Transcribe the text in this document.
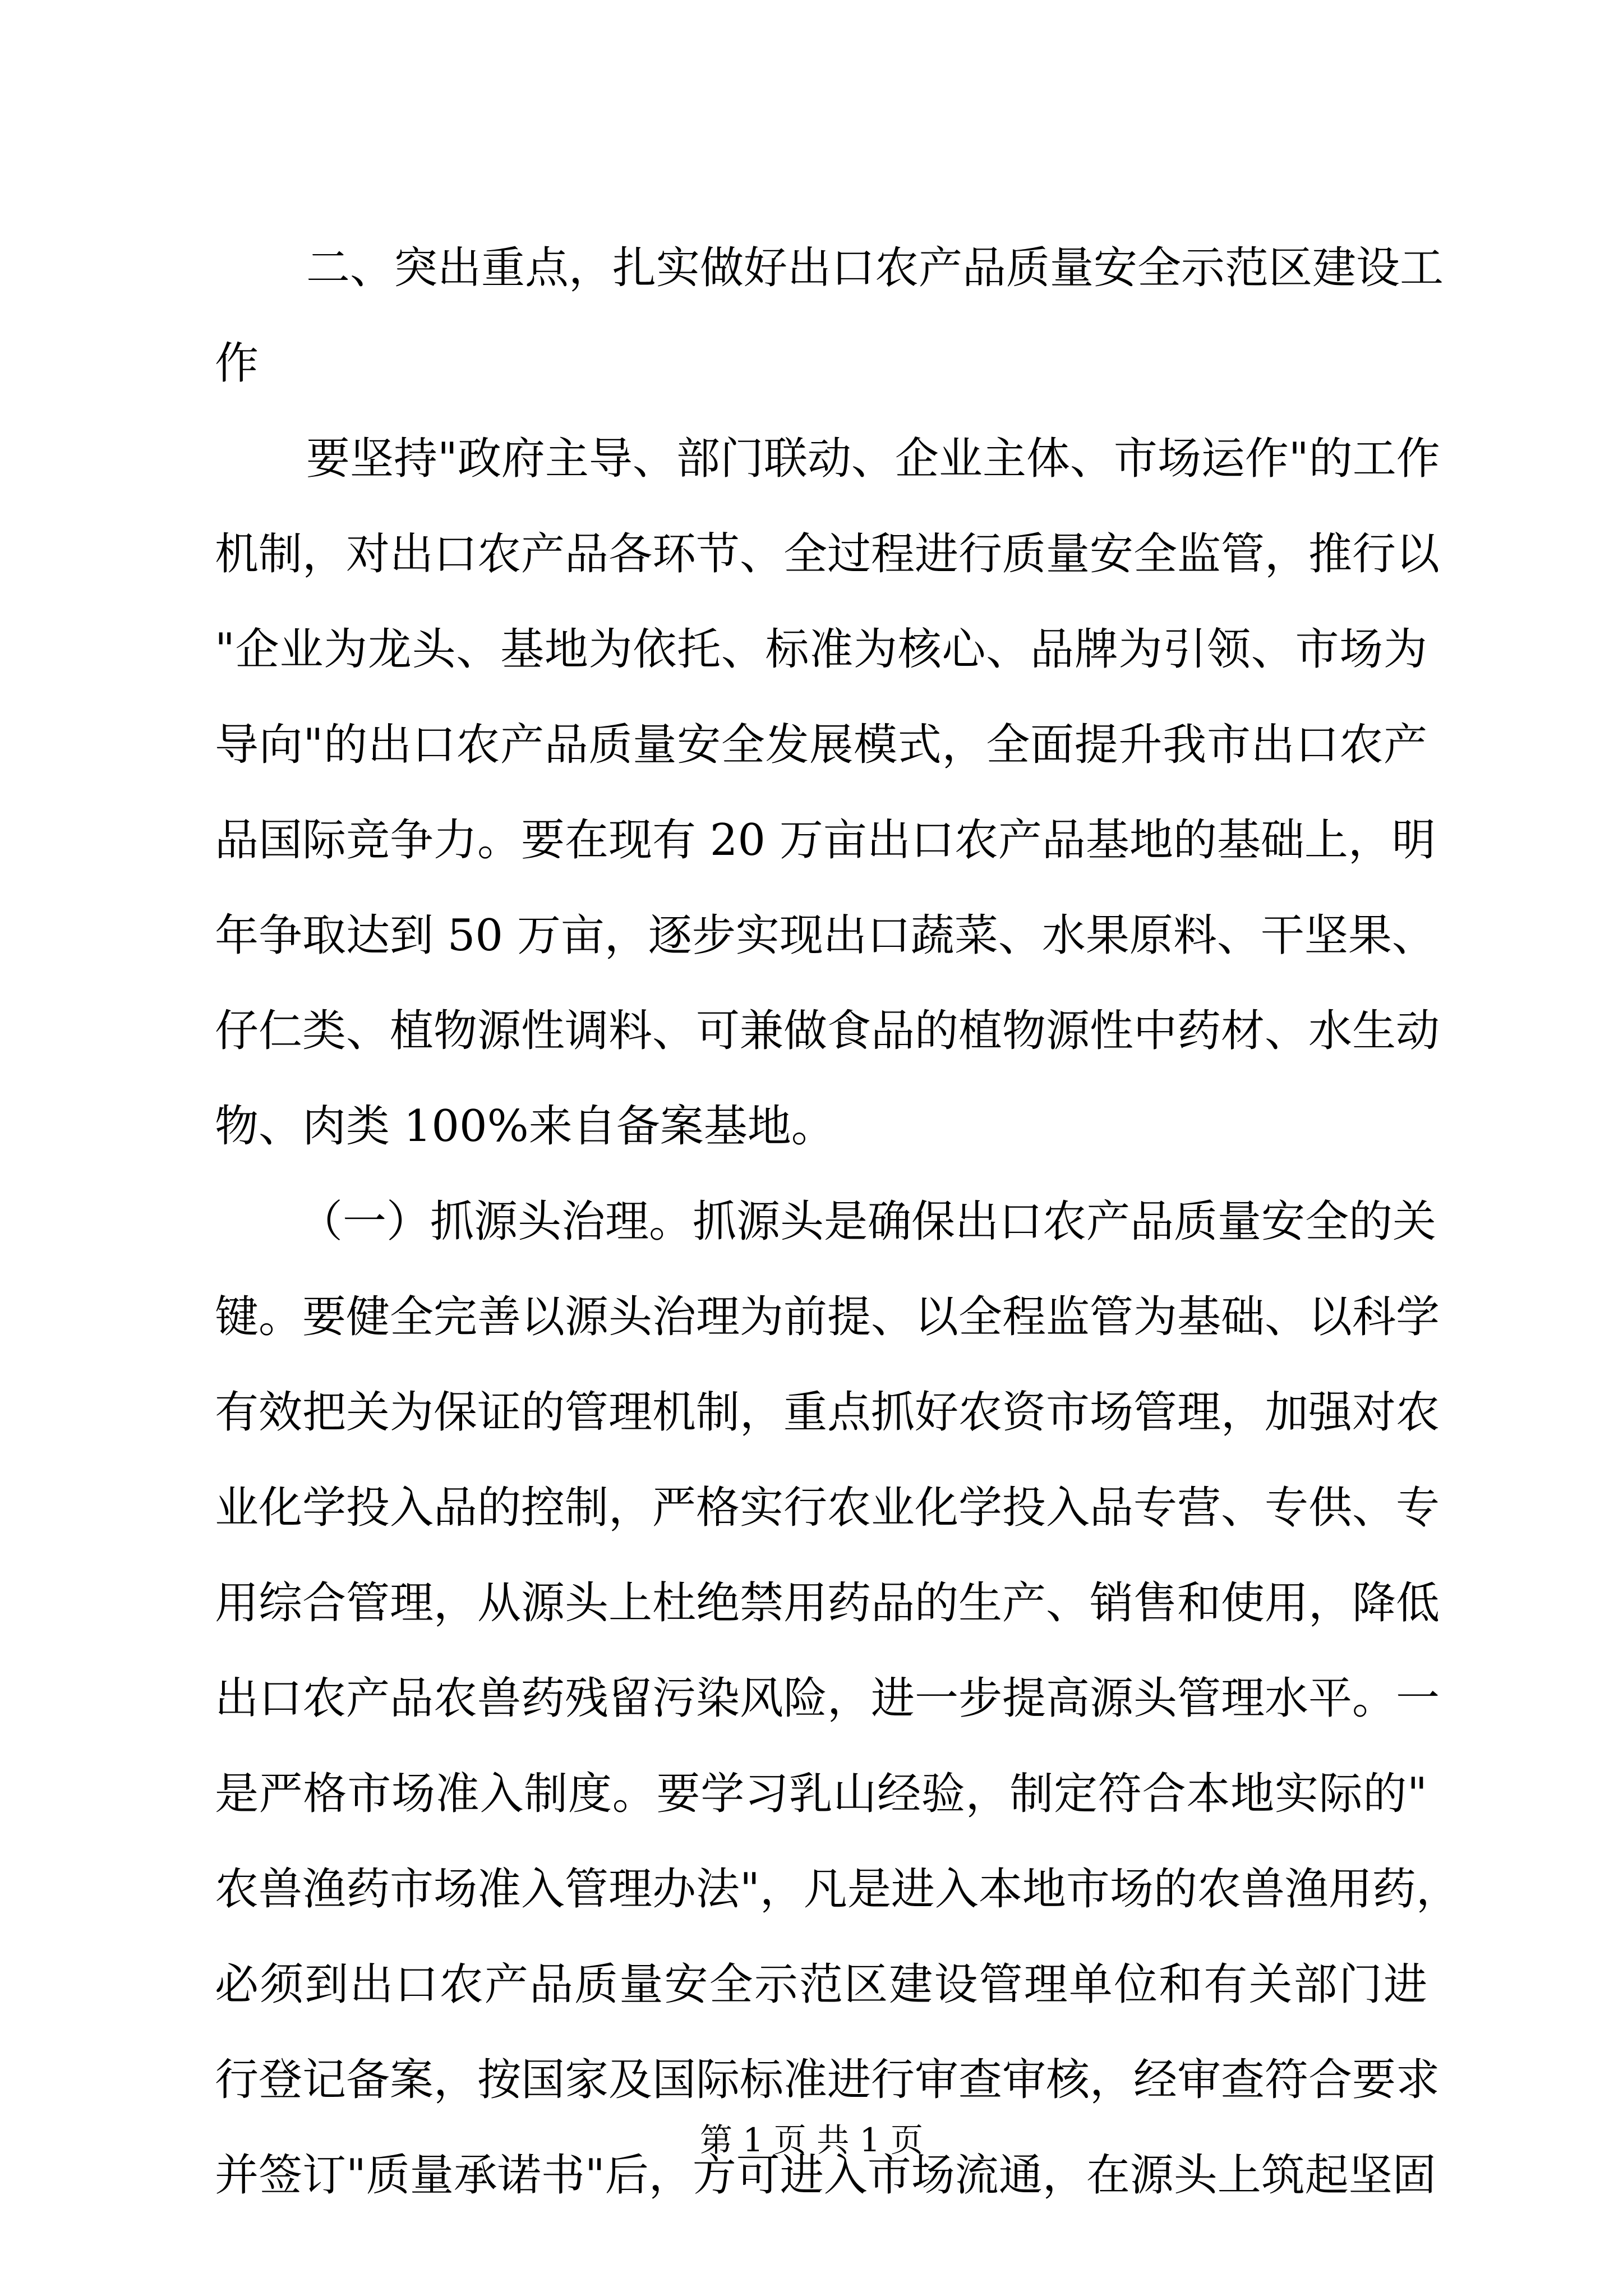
二、突出重点，扎实做好出口农产品质量安全示范区建设工
作
要坚持"政府主导、部门联动、企业主体、市场运作"的工作
机制，对出口农产品各环节、全过程进行质量安全监管，推行以
"企业为龙头、基地为依托、标准为核心、品牌为引领、市场为
导向"的出口农产品质量安全发展模式，全面提升我市出口农产
品国际竞争力。要在现有 20 万亩出口农产品基地的基础上，明
年争取达到 50 万亩，逐步实现出口蔬菜、水果原料、干坚果、
仔仁类、植物源性调料、可兼做食品的植物源性中药材、水生动
物、肉类 100%来自备案基地。
（一）抓源头治理。抓源头是确保出口农产品质量安全的关
键。要健全完善以源头治理为前提、以全程监管为基础、以科学
有效把关为保证的管理机制，重点抓好农资市场管理，加强对农
业化学投入品的控制，严格实行农业化学投入品专营、专供、专
用综合管理，从源头上杜绝禁用药品的生产、销售和使用，降低
出口农产品农兽药残留污染风险，进一步提高源头管理水平。一
是严格市场准入制度。要学习乳山经验，制定符合本地实际的"
农兽渔药市场准入管理办法"，凡是进入本地市场的农兽渔用药，
必须到出口农产品质量安全示范区建设管理单位和有关部门进
行登记备案，按国家及国际标准进行审查审核，经审查符合要求
并签订"质量承诺书"后，方可进入市场流通，在源头上筑起坚固
第 1 页 共 1 页
